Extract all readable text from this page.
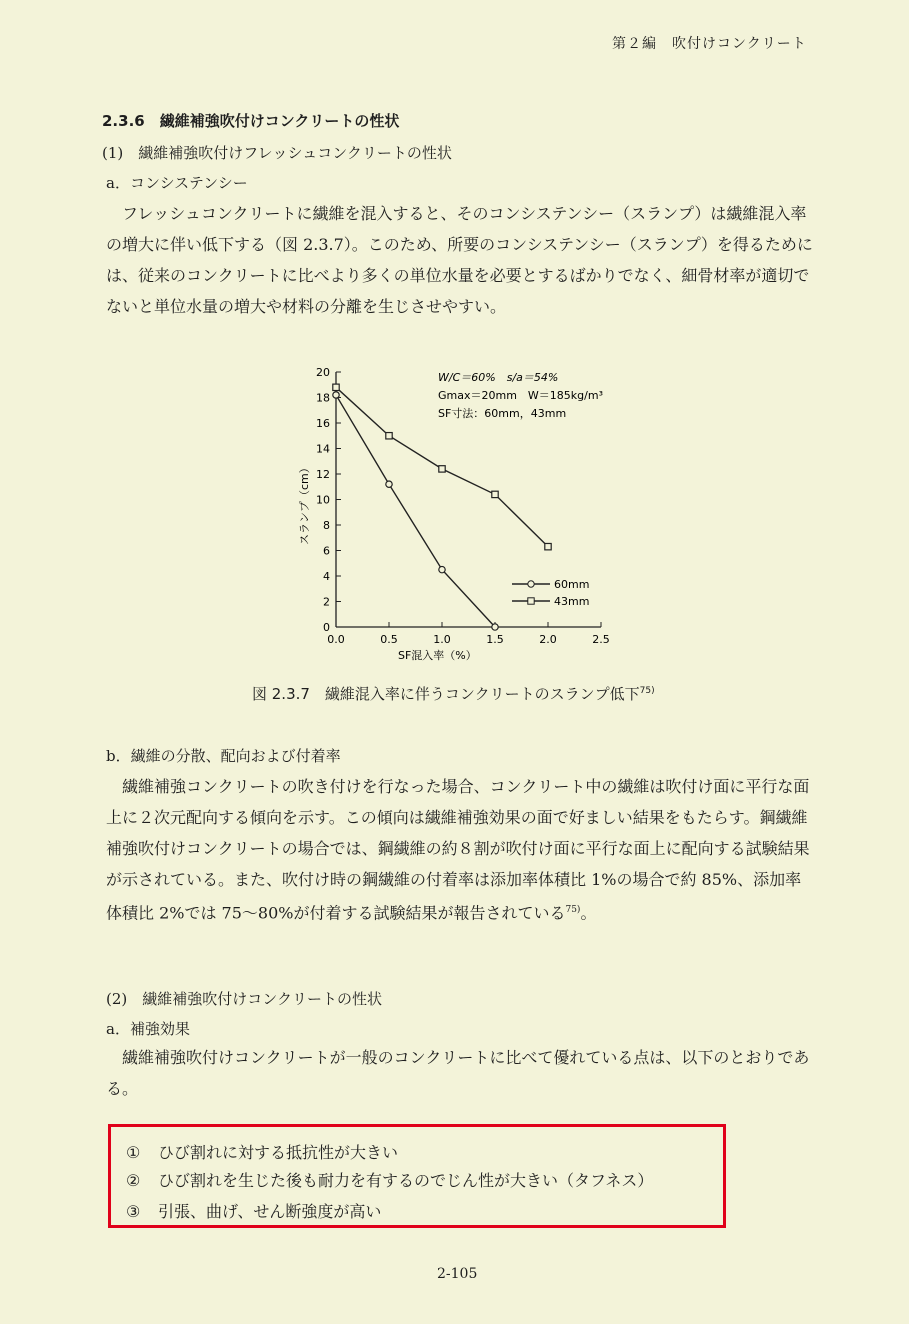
第２編　吹付けコンクリート
2.3.6　繊維補強吹付けコンクリートの性状
(1)　繊維補強吹付けフレッシュコンクリートの性状
a．コンシステンシー

フレッシュコンクリートに繊維を混入すると、そのコンシステンシー（スランプ）は繊維混入率の増大に伴い低下する（図 2.3.7）。このため、所要のコンシステンシー（スランプ）を得るためには、従来のコンクリートに比べより多くの単位水量を必要とするばかりでなく、細骨材率が適切でないと単位水量の増大や材料の分離を生じさせやすい。

0
2
4
6
8
10
12
14
16
18
20
0.0	0.5	1.0	1.5	2.0	2.5
60mm
43mm
W/C＝60%　s/a＝54%
Gmax＝20mm　W＝185kg/m³
SF寸法：60mm，43mm
SF混入率（%）
スランプ（cm）
図 2.3.7　繊維混入率に伴うコンクリートのスランプ低下$^{75)}$
b．繊維の分散、配向および付着率

繊維補強コンクリートの吹き付けを行なった場合、コンクリート中の繊維は吹付け面に平行な面上に２次元配向する傾向を示す。この傾向は繊維補強効果の面で好ましい結果をもたらす。鋼繊維補強吹付けコンクリートの場合では、鋼繊維の約８割が吹付け面に平行な面上に配向する試験結果が示されている。また、吹付け時の鋼繊維の付着率は添加率体積比 1%の場合で約 85%、添加率体積比 2%では 75～80%が付着する試験結果が報告されている$^{75)}$。

(2)　繊維補強吹付けコンクリートの性状
a．補強効果

繊維補強吹付けコンクリートが一般のコンクリートに比べて優れている点は、以下のとおりである。

① ひび割れに対する抵抗性が大きい
② ひび割れを生じた後も耐力を有するのでじん性が大きい（タフネス）
③ 引張、曲げ、せん断強度が高い
2-105
